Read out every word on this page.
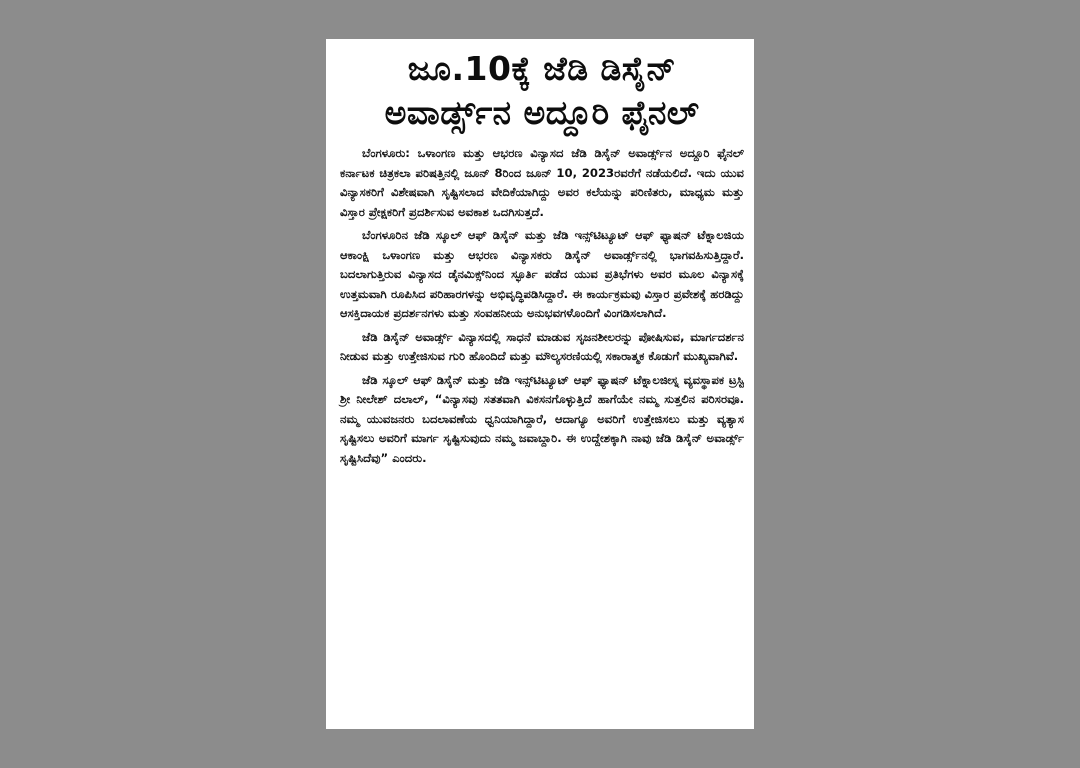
ಜೂ.10ಕ್ಕೆ ಜೆಡಿ ಡಿಸೈನ್
ಅವಾರ್ಡ್ಸ್‌ನ ಅದ್ದೂರಿ ಫೈನಲ್

ಬೆಂಗಳೂರು: ಒಳಾಂಗಣ ಮತ್ತು ಆಭರಣ ವಿನ್ಯಾಸದ ಜೆಡಿ ಡಿಸೈನ್ ಅವಾರ್ಡ್ಸ್‌ನ ಅದ್ದೂರಿ ಫೈನಲ್ ಕರ್ನಾಟಕ ಚಿತ್ರಕಲಾ ಪರಿಷತ್ತಿನಲ್ಲಿ ಜೂನ್ 8ರಿಂದ ಜೂನ್ 10, 2023ರವರೆಗೆ ನಡೆಯಲಿದೆ. ಇದು ಯುವ ವಿನ್ಯಾಸಕರಿಗೆ ವಿಶೇಷವಾಗಿ ಸೃಷ್ಟಿಸಲಾದ ವೇದಿಕೆಯಾಗಿದ್ದು ಅವರ ಕಲೆಯನ್ನು ಪರಿಣಿತರು, ಮಾಧ್ಯಮ ಮತ್ತು ವಿಸ್ತಾರ ಪ್ರೇಕ್ಷಕರಿಗೆ ಪ್ರದರ್ಶಿಸುವ ಅವಕಾಶ ಒದಗಿಸುತ್ತದೆ.

ಬೆಂಗಳೂರಿನ ಜೆಡಿ ಸ್ಕೂಲ್ ಆಫ್ ಡಿಸೈನ್ ಮತ್ತು ಜೆಡಿ ಇನ್ಸ್‌ಟಿಟ್ಯೂಟ್ ಆಫ್ ಫ್ಯಾಷನ್ ಟೆಕ್ನಾಲಜಿಯ ಆಕಾಂಕ್ಷಿ ಒಳಾಂಗಣ ಮತ್ತು ಆಭರಣ ವಿನ್ಯಾಸಕರು ಡಿಸೈನ್ ಅವಾರ್ಡ್ಸ್‌ನಲ್ಲಿ ಭಾಗವಹಿಸುತ್ತಿದ್ದಾರೆ. ಬದಲಾಗುತ್ತಿರುವ ವಿನ್ಯಾಸದ ಡೈನಮಿಕ್ಸ್‌ನಿಂದ ಸ್ಫೂರ್ತಿ ಪಡೆದ ಯುವ ಪ್ರತಿಭೆಗಳು ಅವರ ಮೂಲ ವಿನ್ಯಾಸಕ್ಕೆ ಉತ್ತಮವಾಗಿ ರೂಪಿಸಿದ ಪರಿಹಾರಗಳನ್ನು ಅಭಿವೃದ್ಧಿಪಡಿಸಿದ್ದಾರೆ. ಈ ಕಾರ್ಯಕ್ರಮವು ವಿಸ್ತಾರ ಪ್ರವೇಶಕ್ಕೆ ಹರಡಿದ್ದು ಆಸಕ್ತಿದಾಯಕ ಪ್ರದರ್ಶನಗಳು ಮತ್ತು ಸಂವಹನೀಯ ಅನುಭವಗಳೊಂದಿಗೆ ವಿಂಗಡಿಸಲಾಗಿದೆ.

ಜೆಡಿ ಡಿಸೈನ್ ಅವಾರ್ಡ್ಸ್ ವಿನ್ಯಾಸದಲ್ಲಿ ಸಾಧನೆ ಮಾಡುವ ಸೃಜನಶೀಲರನ್ನು ಪೋಷಿಸುವ, ಮಾರ್ಗದರ್ಶನ ನೀಡುವ ಮತ್ತು ಉತ್ತೇಜಿಸುವ ಗುರಿ ಹೊಂದಿದೆ ಮತ್ತು ಮೌಲ್ಯಸರಣಿಯಲ್ಲಿ ಸಕಾರಾತ್ಮಕ ಕೊಡುಗೆ ಮುಖ್ಯವಾಗಿವೆ.

ಜೆಡಿ ಸ್ಕೂಲ್ ಆಫ್ ಡಿಸೈನ್ ಮತ್ತು ಜೆಡಿ ಇನ್ಸ್‌ಟಿಟ್ಯೂಟ್ ಆಫ್ ಫ್ಯಾಷನ್ ಟೆಕ್ನಾಲಜೀಸ್ನ ವ್ಯವಸ್ಥಾಪಕ ಟ್ರಸ್ಟಿ ಶ್ರೀ ನೀಲೇಶ್ ದಲಾಲ್, “ವಿನ್ಯಾಸವು ಸತತವಾಗಿ ವಿಕಸನಗೊಳ್ಳುತ್ತಿದೆ ಹಾಗೆಯೇ ನಮ್ಮ ಸುತ್ತಲಿನ ಪರಿಸರವೂ. ನಮ್ಮ ಯುವಜನರು ಬದಲಾವಣೆಯ ಧ್ವನಿಯಾಗಿದ್ದಾರೆ, ಆದಾಗ್ಯೂ ಅವರಿಗೆ ಉತ್ತೇಜಿಸಲು ಮತ್ತು ವ್ಯತ್ಯಾಸ ಸೃಷ್ಟಿಸಲು ಅವರಿಗೆ ಮಾರ್ಗ ಸೃಷ್ಟಿಸುವುದು ನಮ್ಮ ಜವಾಬ್ದಾರಿ. ಈ ಉದ್ದೇಶಕ್ಕಾಗಿ ನಾವು ಜೆಡಿ ಡಿಸೈನ್ ಅವಾರ್ಡ್ಸ್ ಸೃಷ್ಟಿಸಿದೆವು” ಎಂದರು.
